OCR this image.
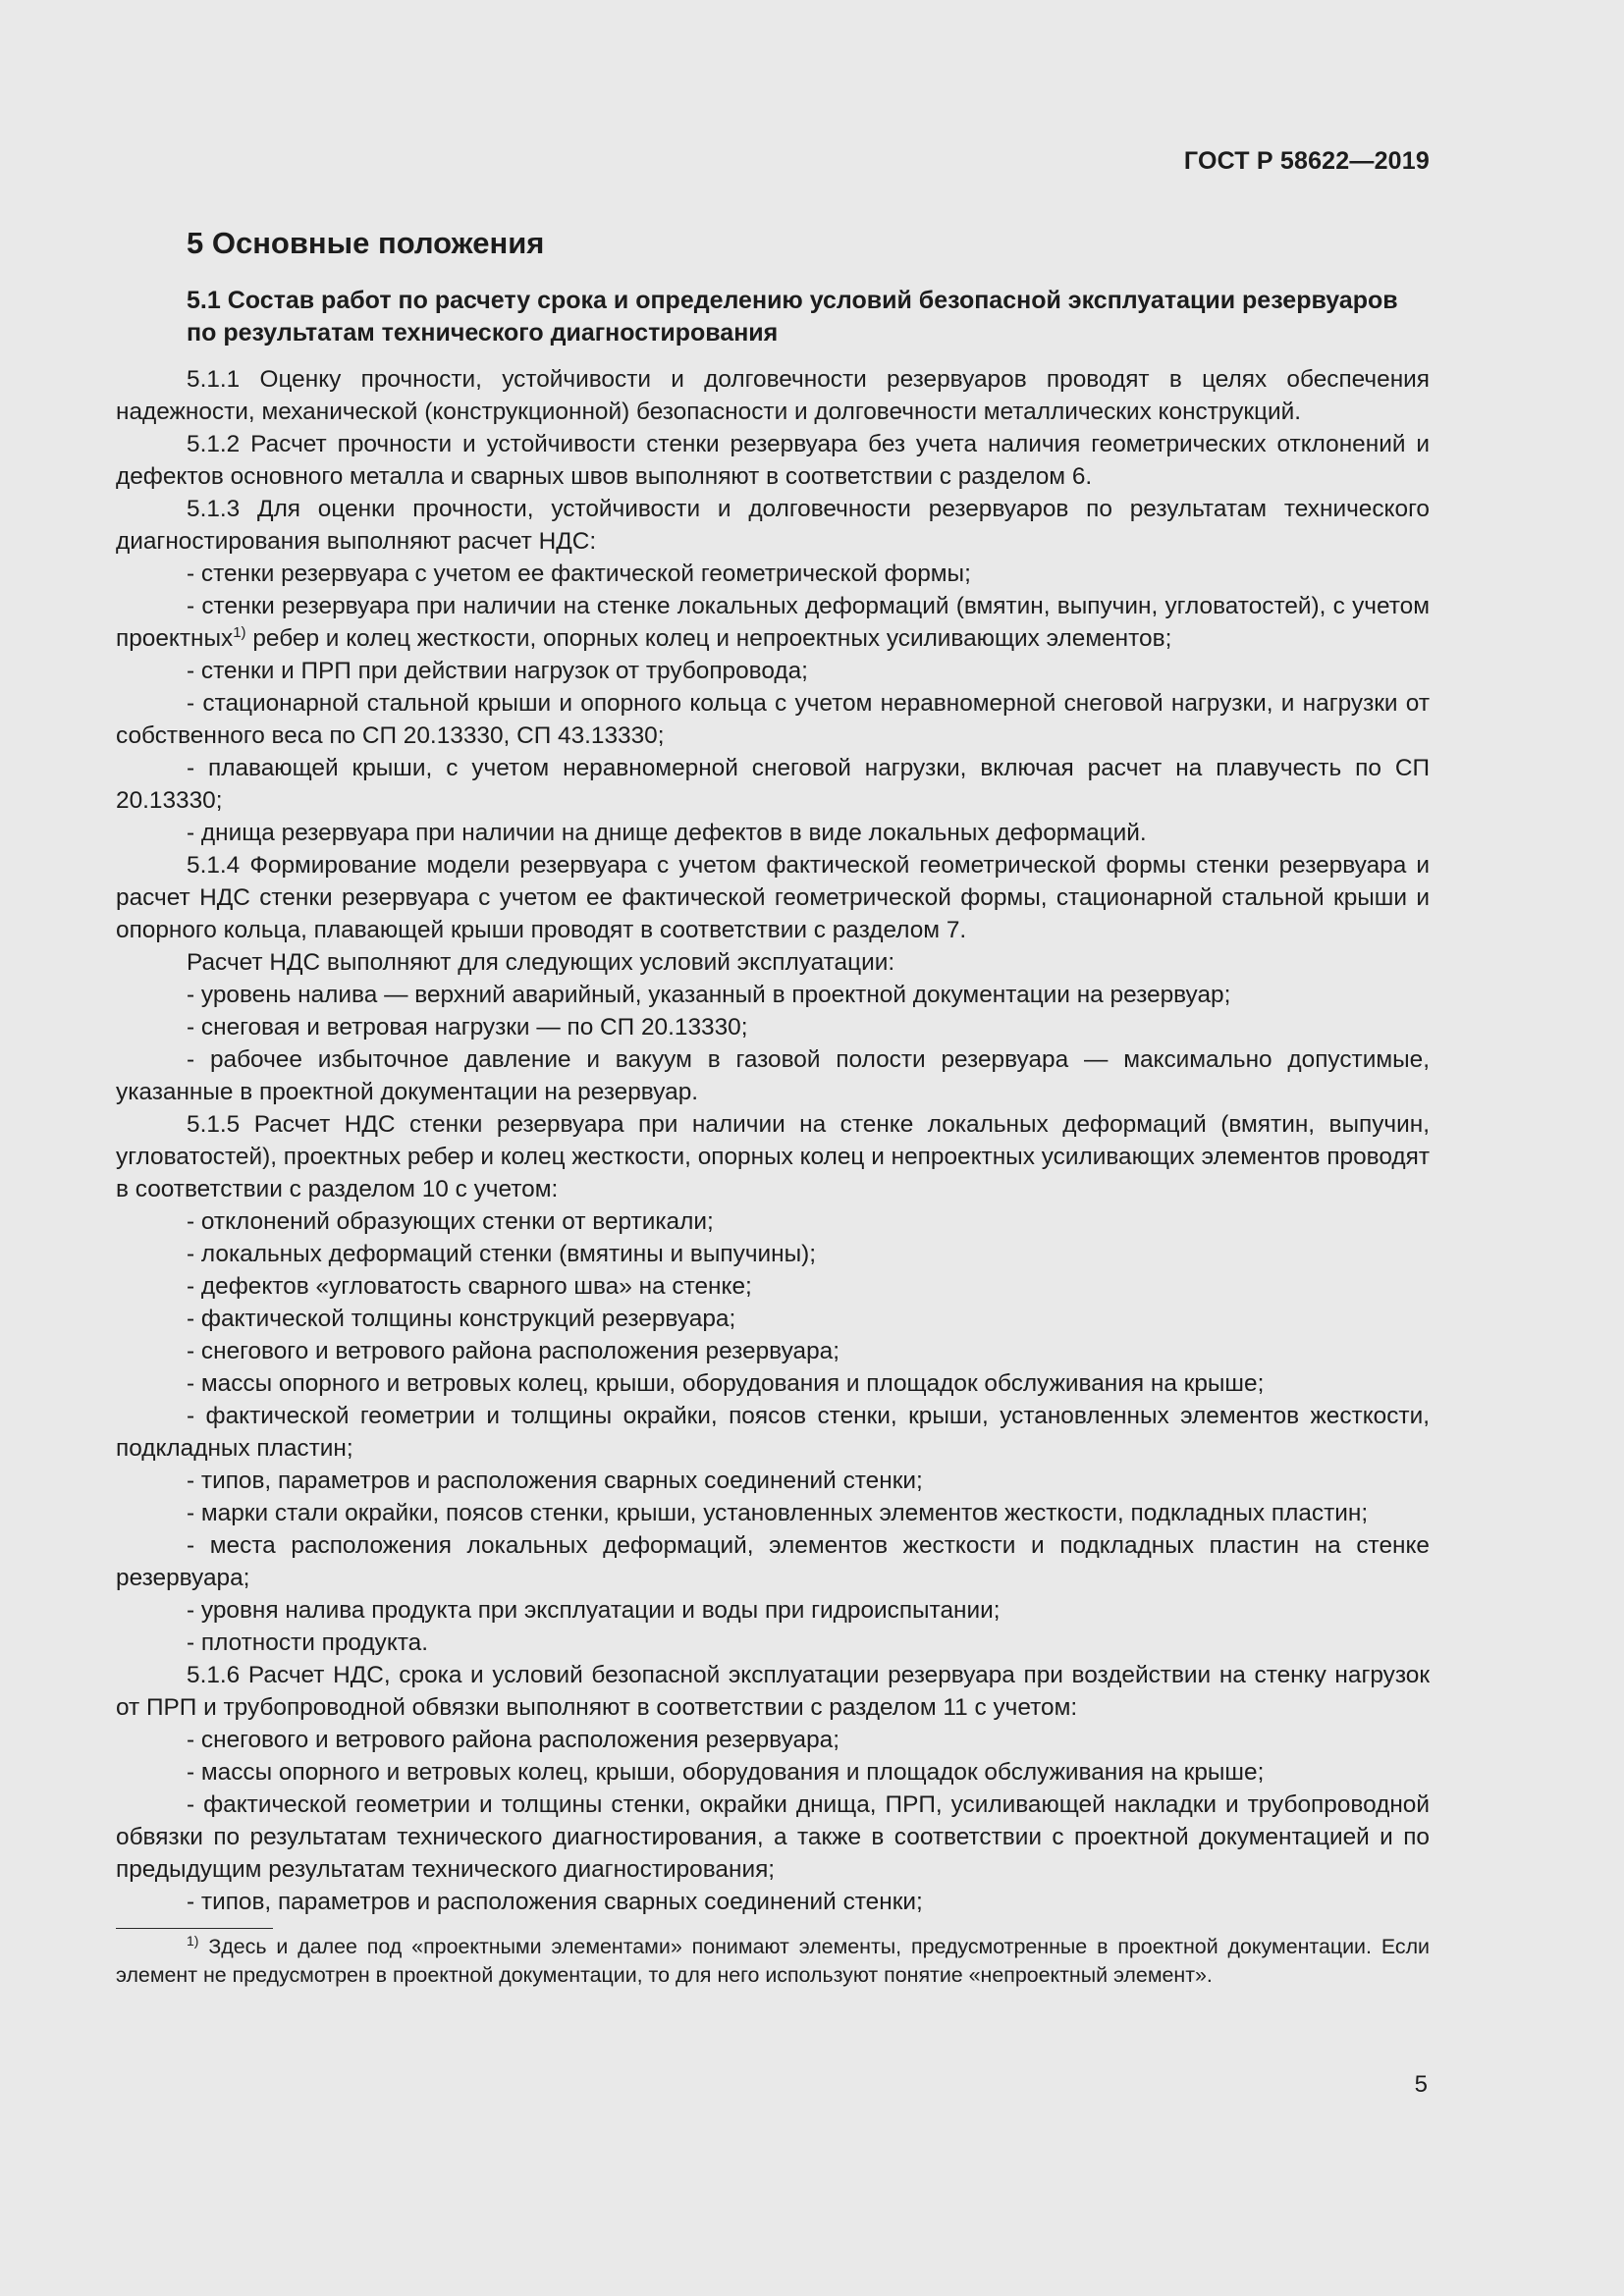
ГОСТ Р 58622—2019
5 Основные положения
5.1 Состав работ по расчету срока и определению условий безопасной эксплуатации резервуаров по результатам технического диагностирования

5.1.1 Оценку прочности, устойчивости и долговечности резервуаров проводят в целях обеспечения надежности, механической (конструкционной) безопасности и долговечности металлических конструкций.

5.1.2 Расчет прочности и устойчивости стенки резервуара без учета наличия геометрических отклонений и дефектов основного металла и сварных швов выполняют в соответствии с разделом 6.

5.1.3 Для оценки прочности, устойчивости и долговечности резервуаров по результатам технического диагностирования выполняют расчет НДС:

- стенки резервуара с учетом ее фактической геометрической формы;

- стенки резервуара при наличии на стенке локальных деформаций (вмятин, выпучин, угловатостей), с учетом проектных$^{1)}$ ребер и колец жесткости, опорных колец и непроектных усиливающих элементов;

- стенки и ПРП при действии нагрузок от трубопровода;

- стационарной стальной крыши и опорного кольца с учетом неравномерной снеговой нагрузки, и нагрузки от собственного веса по СП 20.13330, СП 43.13330;

- плавающей крыши, с учетом неравномерной снеговой нагрузки, включая расчет на плавучесть по СП 20.13330;

- днища резервуара при наличии на днище дефектов в виде локальных деформаций.

5.1.4 Формирование модели резервуара с учетом фактической геометрической формы стенки резервуара и расчет НДС стенки резервуара с учетом ее фактической геометрической формы, стационарной стальной крыши и опорного кольца, плавающей крыши проводят в соответствии с разделом 7.

Расчет НДС выполняют для следующих условий эксплуатации:

- уровень налива — верхний аварийный, указанный в проектной документации на резервуар;

- снеговая и ветровая нагрузки — по СП 20.13330;

- рабочее избыточное давление и вакуум в газовой полости резервуара — максимально допустимые, указанные в проектной документации на резервуар.

5.1.5 Расчет НДС стенки резервуара при наличии на стенке локальных деформаций (вмятин, выпучин, угловатостей), проектных ребер и колец жесткости, опорных колец и непроектных усиливающих элементов проводят в соответствии с разделом 10 с учетом:

- отклонений образующих стенки от вертикали;

- локальных деформаций стенки (вмятины и выпучины);

- дефектов «угловатость сварного шва» на стенке;

- фактической толщины конструкций резервуара;

- снегового и ветрового района расположения резервуара;

- массы опорного и ветровых колец, крыши, оборудования и площадок обслуживания на крыше;

- фактической геометрии и толщины окрайки, поясов стенки, крыши, установленных элементов жесткости, подкладных пластин;

- типов, параметров и расположения сварных соединений стенки;

- марки стали окрайки, поясов стенки, крыши, установленных элементов жесткости, подкладных пластин;

- места расположения локальных деформаций, элементов жесткости и подкладных пластин на стенке резервуара;

- уровня налива продукта при эксплуатации и воды при гидроиспытании;

- плотности продукта.

5.1.6 Расчет НДС, срока и условий безопасной эксплуатации резервуара при воздействии на стенку нагрузок от ПРП и трубопроводной обвязки выполняют в соответствии с разделом 11 с учетом:

- снегового и ветрового района расположения резервуара;

- массы опорного и ветровых колец, крыши, оборудования и площадок обслуживания на крыше;

- фактической геометрии и толщины стенки, окрайки днища, ПРП, усиливающей накладки и трубопроводной обвязки по результатам технического диагностирования, а также в соответствии с проектной документацией и по предыдущим результатам технического диагностирования;

- типов, параметров и расположения сварных соединений стенки;

$^{1)}$ Здесь и далее под «проектными элементами» понимают элементы, предусмотренные в проектной документации. Если элемент не предусмотрен в проектной документации, то для него используют понятие «непроектный элемент».

5
